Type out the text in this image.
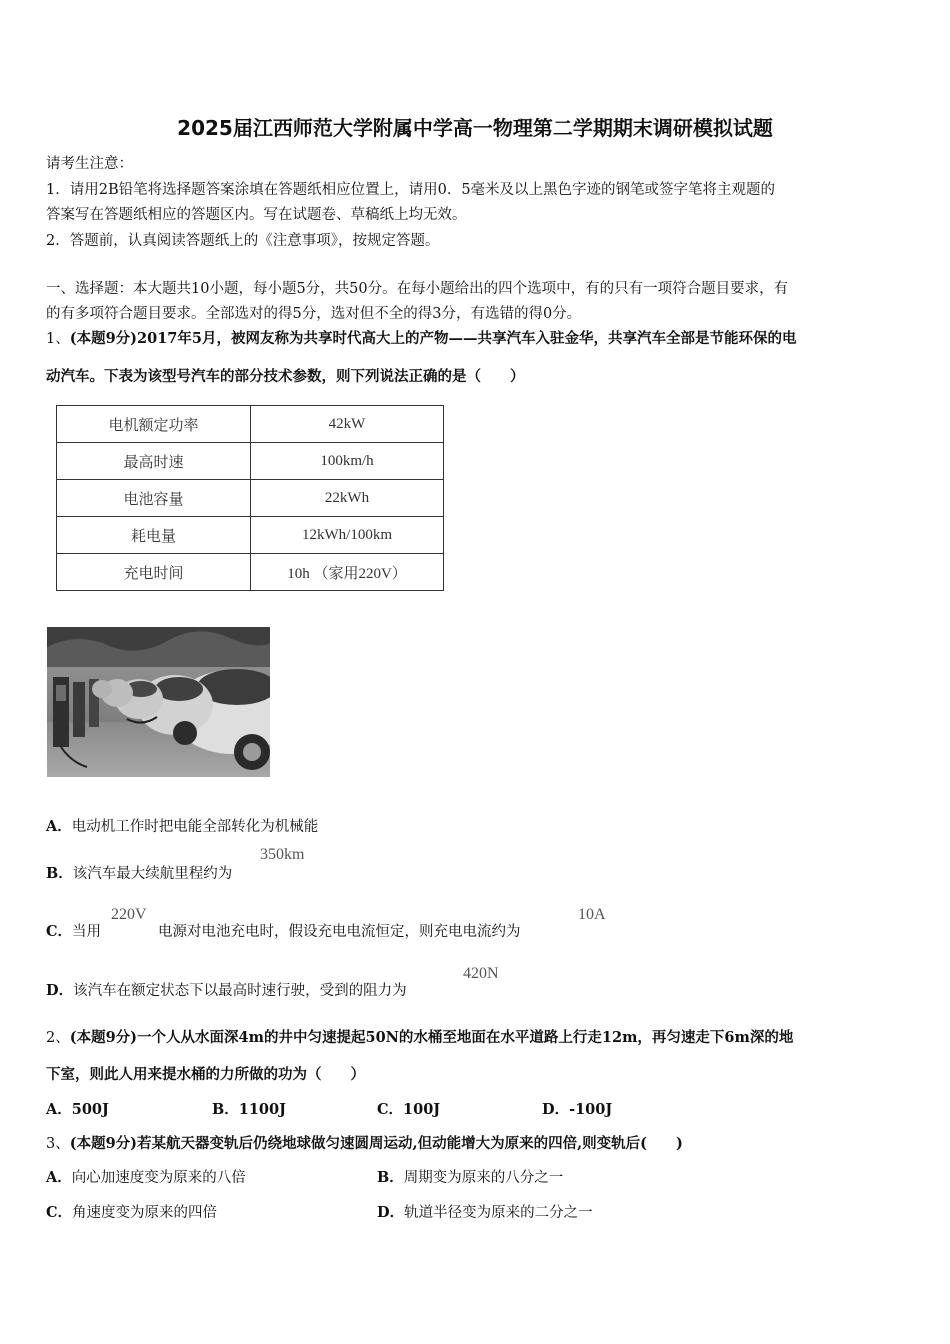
2025届江西师范大学附属中学高一物理第二学期期末调研模拟试题
请考生注意：
1．请用2B铅笔将选择题答案涂填在答题纸相应位置上，请用0．5毫米及以上黑色字迹的钢笔或签字笔将主观题的
答案写在答题纸相应的答题区内。写在试题卷、草稿纸上均无效。
2．答题前，认真阅读答题纸上的《注意事项》，按规定答题。
一、选择题：本大题共10小题，每小题5分，共50分。在每小题给出的四个选项中，有的只有一项符合题目要求，有
的有多项符合题目要求。全部选对的得5分，选对但不全的得3分，有选错的得0分。
1、(本题9分)2017年5月，被网友称为共享时代高大上的产物——共享汽车入驻金华，共享汽车全部是节能环保的电
动汽车。下表为该型号汽车的部分技术参数，则下列说法正确的是（　　）
电机额定功率	42kW
最高时速	100km/h
电池容量	22kWh
耗电量	12kWh/100km
充电时间	10h （家用220V）
A．电动机工作时把电能全部转化为机械能
B．该汽车最大续航里程约为
350km
C．当用
220V
电源对电池充电时，假设充电电流恒定，则充电电流约为
10A
D．该汽车在额定状态下以最高时速行驶，受到的阻力为
420N
2、(本题9分)一个人从水面深4m的井中匀速提起50N的水桶至地面在水平道路上行走12m，再匀速走下6m深的地
下室，则此人用来提水桶的力所做的功为（　　）
A．500J	B．1100J	C．100J	D．-100J
3、(本题9分)若某航天器变轨后仍绕地球做匀速圆周运动,但动能增大为原来的四倍,则变轨后(　　)
A．向心加速度变为原来的八倍	B．周期变为原来的八分之一
C．角速度变为原来的四倍	D．轨道半径变为原来的二分之一
